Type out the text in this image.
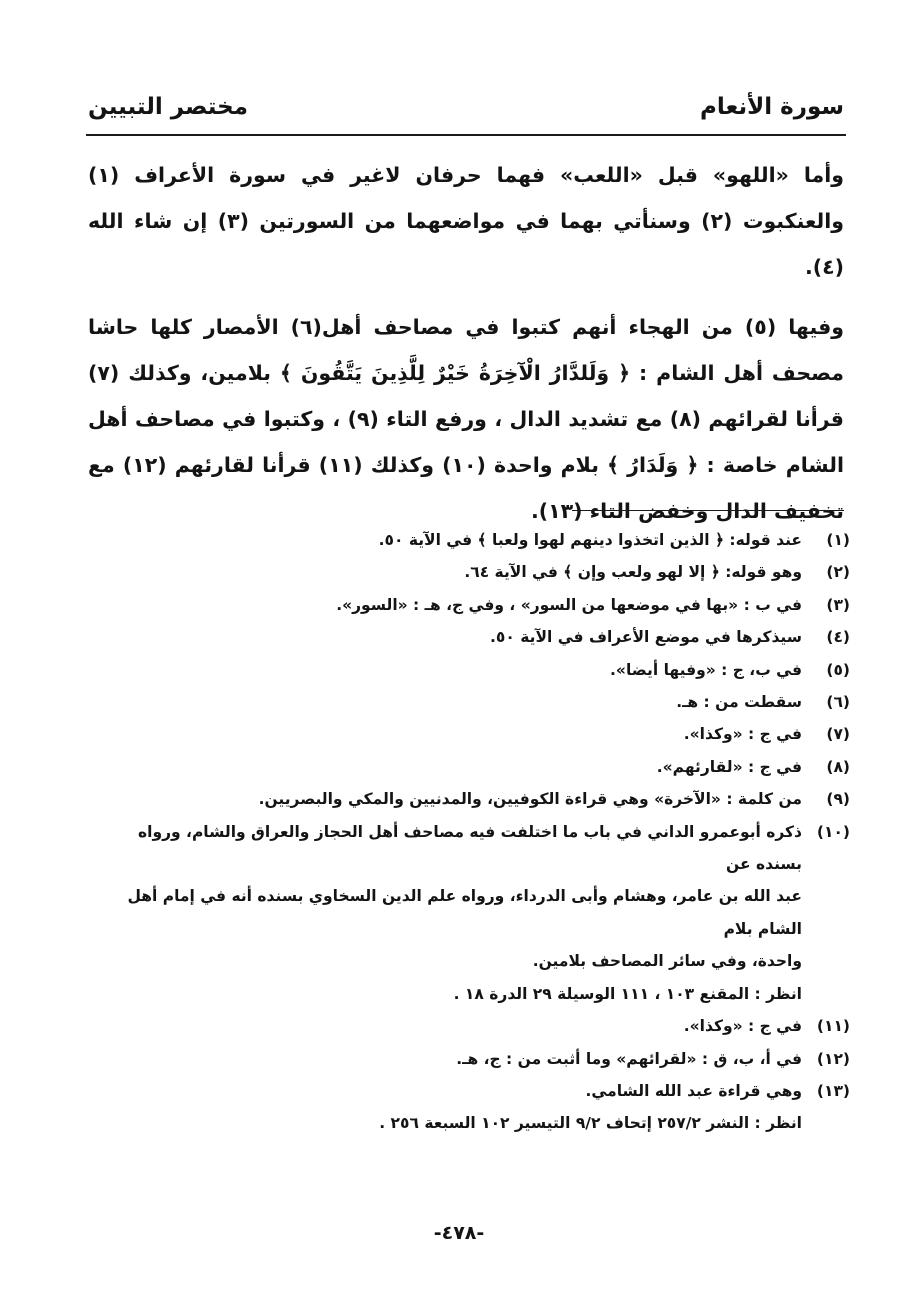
سورة الأنعام
مختصر التبيين

وأما «اللهو» قبل «اللعب» فهما حرفان لاغير في سورة الأعراف (١) والعنكبوت (٢) وسنأتي بهما في مواضعهما من السورتين (٣) إن شاء الله (٤).

وفيها (٥) من الهجاء أنهم كتبوا في مصاحف أهل(٦) الأمصار كلها حاشا مصحف أهل الشام : ﴿ وَلَلدَّارُ الْآخِرَةُ خَيْرٌ لِلَّذِينَ يَتَّقُونَ ﴾ بلامين، وكذلك (٧) قرأنا لقرائهم (٨) مع تشديد الدال ، ورفع التاء (٩) ، وكتبوا في مصاحف أهل الشام خاصة : ﴿ وَلَدَارُ ﴾ بلام واحدة (١٠) وكذلك (١١) قرأنا لقارئهم (١٢) مع تخفيف الدال وخفض التاء (١٣).

(١)
عند قوله: ﴿ الذين اتخذوا دينهم لهوا ولعبا ﴾ في الآية ٥٠.
(٢)
وهو قوله: ﴿ إلا لهو ولعب وإن ﴾ في الآية ٦٤.
(٣)
في ب : «بها في موضعها من السور» ، وفي ج، هـ : «السور».
(٤)
سيذكرها في موضع الأعراف في الآية ٥٠.
(٥)
في ب، ج : «وفيها أيضا».
(٦)
سقطت من : هـ.
(٧)
في ج : «وكذا».
(٨)
في ج : «لقارئهم».
(٩)
من كلمة : «الآخرة» وهي قراءة الكوفيين، والمدنيين والمكي والبصريين.
(١٠)
ذكره أبوعمرو الداني في باب ما اختلفت فيه مصاحف أهل الحجاز والعراق والشام، ورواه بسنده عن
عبد الله بن عامر، وهشام وأبى الدرداء، ورواه علم الدين السخاوي بسنده أنه في إمام أهل الشام بلام
واحدة، وفي سائر المصاحف بلامين.
انظر : المقنع ١٠٣ ، ١١١ الوسيلة ٢٩ الدرة ١٨ .
(١١)
في ج : «وكذا».
(١٢)
في أ، ب، ق : «لقرائهم» وما أثبت من : ج، هـ.
(١٣)
وهي قراءة عبد الله الشامي.
انظر : النشر ٢٥٧/٢ إتحاف ٩/٢ التيسير ١٠٢ السبعة ٢٥٦ .
-٤٧٨-
